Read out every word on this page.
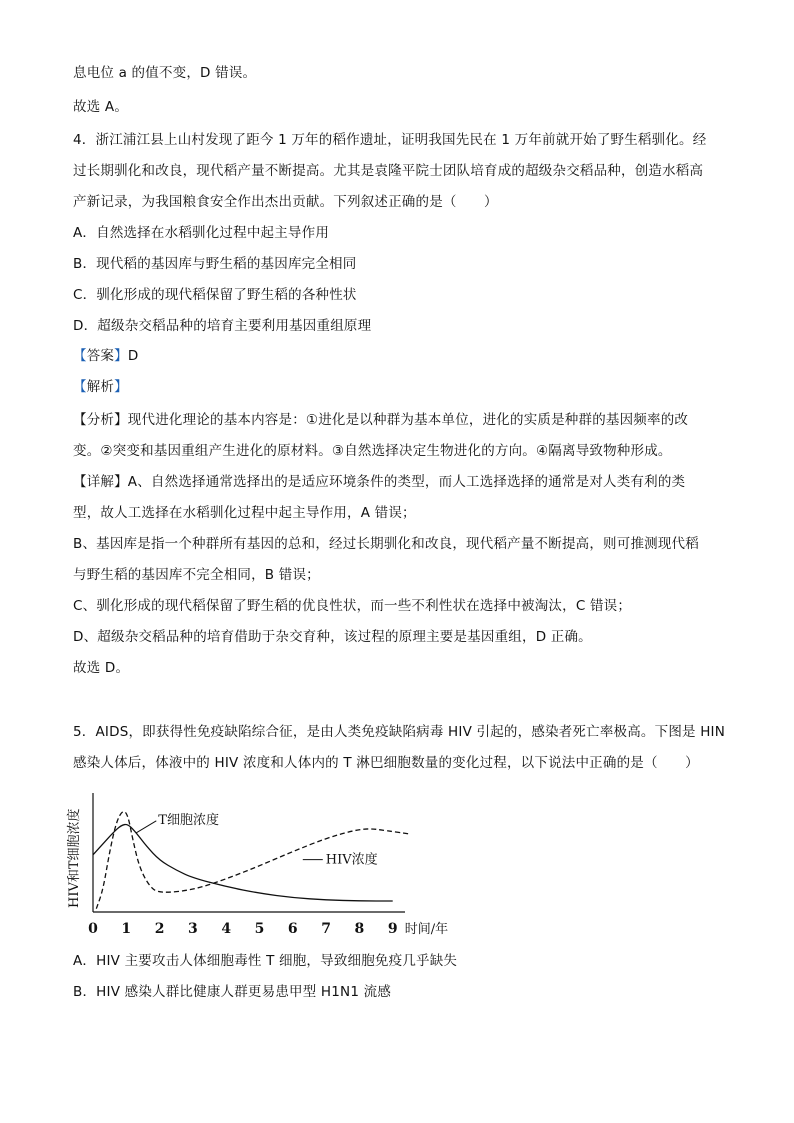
息电位 a 的值不变，D 错误。
故选 A。
4．浙江浦江县上山村发现了距今 1 万年的稻作遗址，证明我国先民在 1 万年前就开始了野生稻驯化。经
过长期驯化和改良，现代稻产量不断提高。尤其是袁隆平院士团队培育成的超级杂交稻品种，创造水稻高
产新记录，为我国粮食安全作出杰出贡献。下列叙述正确的是（　　）
A．自然选择在水稻驯化过程中起主导作用
B．现代稻的基因库与野生稻的基因库完全相同
C．驯化形成的现代稻保留了野生稻的各种性状
D．超级杂交稻品种的培育主要利用基因重组原理
【答案】D
【解析】
【分析】现代进化理论的基本内容是：①进化是以种群为基本单位，进化的实质是种群的基因频率的改
变。②突变和基因重组产生进化的原材料。③自然选择决定生物进化的方向。④隔离导致物种形成。
【详解】A、自然选择通常选择出的是适应环境条件的类型，而人工选择选择的通常是对人类有利的类
型，故人工选择在水稻驯化过程中起主导作用，A 错误；
B、基因库是指一个种群所有基因的总和，经过长期驯化和改良，现代稻产量不断提高，则可推测现代稻
与野生稻的基因库不完全相同，B 错误；
C、驯化形成的现代稻保留了野生稻的优良性状，而一些不利性状在选择中被淘汰，C 错误；
D、超级杂交稻品种的培育借助于杂交育种，该过程的原理主要是基因重组，D 正确。
故选 D。
5．AIDS，即获得性免疫缺陷综合征，是由人类免疫缺陷病毒 HIV 引起的，感染者死亡率极高。下图是 HIN
感染人体后，体液中的 HIV 浓度和人体内的 T 淋巴细胞数量的变化过程，以下说法中正确的是（　　）
HIV和T细胞浓度
0 1 2 3 4 5 6 7 8 9 时间/年
T细胞浓度
HIV浓度
A．HIV 主要攻击人体细胞毒性 T 细胞，导致细胞免疫几乎缺失
B．HIV 感染人群比健康人群更易患甲型 H1N1 流感
